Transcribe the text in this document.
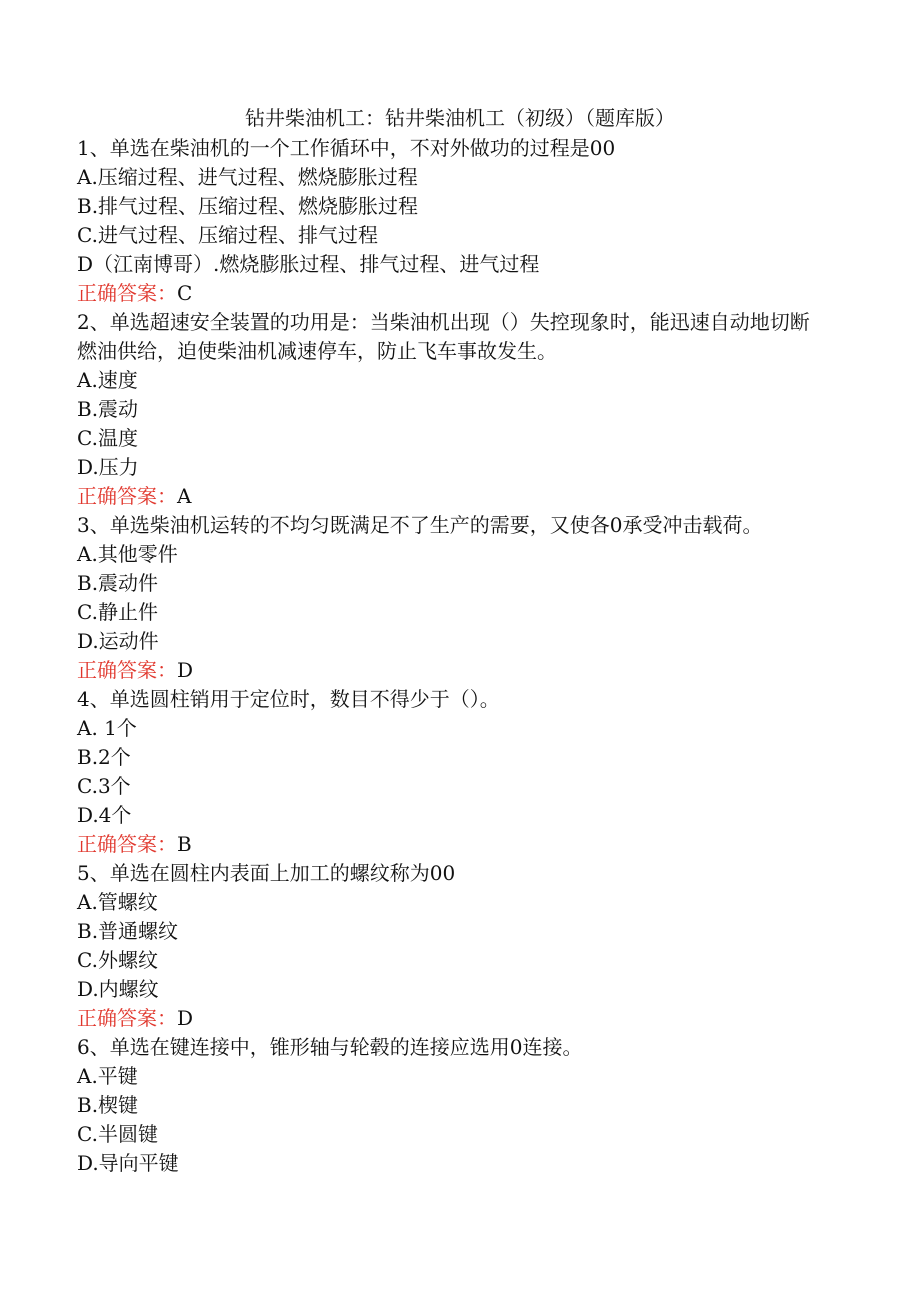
钻井柴油机工：钻井柴油机工（初级）（题库版）
1、单选在柴油机的一个工作循环中，不对外做功的过程是00
A.压缩过程、进气过程、燃烧膨胀过程
B.排气过程、压缩过程、燃烧膨胀过程
C.进气过程、压缩过程、排气过程
D（江南博哥）.燃烧膨胀过程、排气过程、进气过程
正确答案：C
2、单选超速安全装置的功用是：当柴油机出现（）失控现象时，能迅速自动地切断燃油供给，迫使柴油机减速停车，防止飞车事故发生。
A.速度
B.震动
C.温度
D.压力
正确答案：A
3、单选柴油机运转的不均匀既满足不了生产的需要，又使各0承受冲击载荷。
A.其他零件
B.震动件
C.静止件
D.运动件
正确答案：D
4、单选圆柱销用于定位时，数目不得少于（）。
A. 1个
B.2个
C.3个
D.4个
正确答案：B
5、单选在圆柱内表面上加工的螺纹称为00
A.管螺纹
B.普通螺纹
C.外螺纹
D.内螺纹
正确答案：D
6、单选在键连接中，锥形轴与轮毂的连接应选用0连接。
A.平键
B.楔键
C.半圆键
D.导向平键
